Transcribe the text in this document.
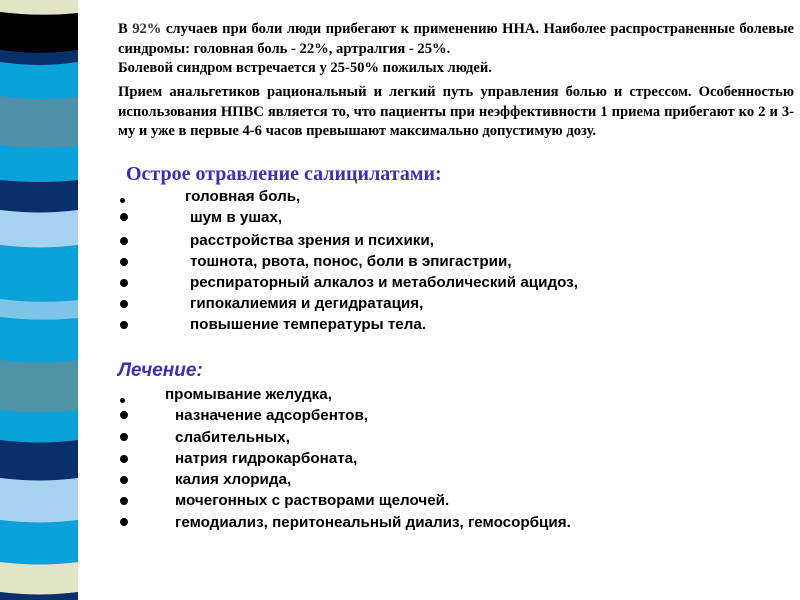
В 92% случаев при боли люди прибегают к применению ННА. Наиболее распространенные болевые синдромы: головная боль - 22%, артралгия - 25%.
Болевой синдром встречается у 25-50% пожилых людей.

Прием анальгетиков рациональный и легкий путь управления болью и стрессом. Особенностью использования НПВС является то, что пациенты при неэффективности 1 приема прибегают ко 2 и 3-му и уже в первые 4-6 часов превышают максимально допустимую дозу.

Острое отравление салицилатами:
головная боль,
шум в ушах,
расстройства зрения и психики,
тошнота, рвота, понос, боли в эпигастрии,
респираторный алкалоз и метаболический ацидоз,
гипокалиемия и дегидратация,
повышение температуры тела.
Лечение:
промывание желудка,
назначение адсорбентов,
слабительных,
натрия гидрокарбоната,
калия хлорида,
мочегонных с растворами щелочей.
гемодиализ, перитонеальный диализ, гемосорбция.
